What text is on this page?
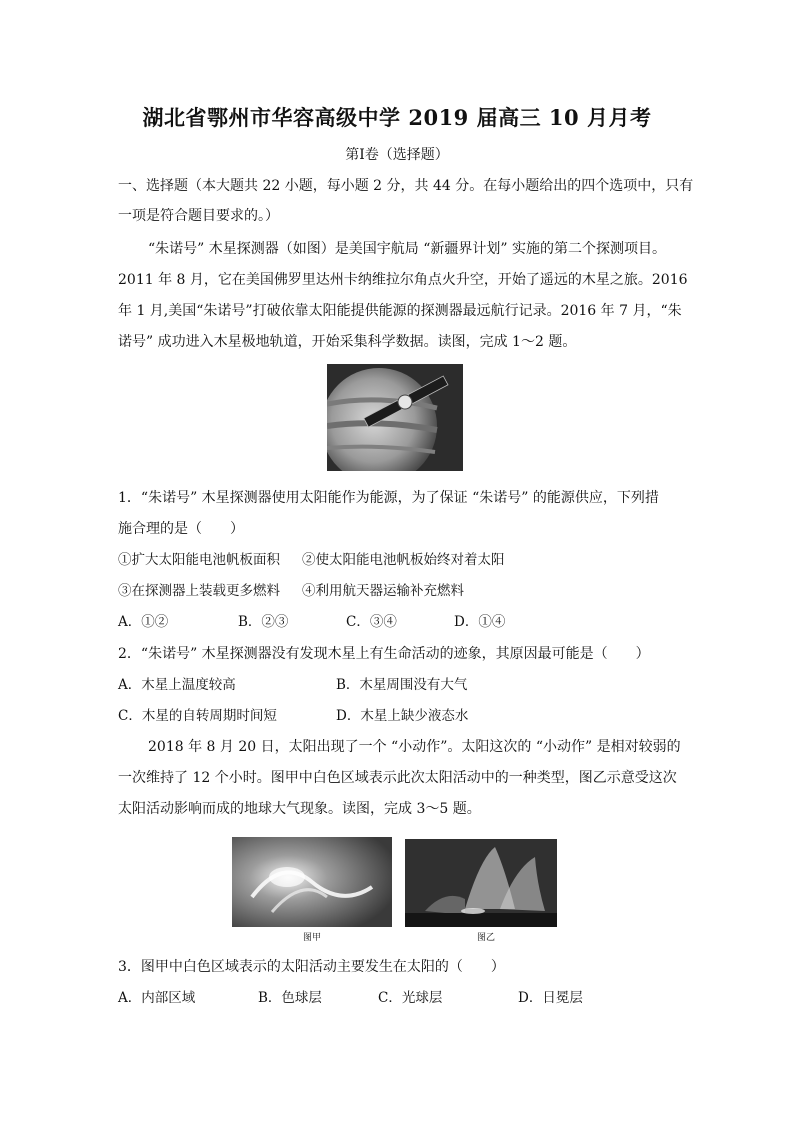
湖北省鄂州市华容高级中学 2019 届高三 10 月月考
第Ⅰ卷（选择题）
一、选择题（本大题共 22 小题，每小题 2 分，共 44 分。在每小题给出的四个选项中，只有
一项是符合题目要求的。）
“朱诺号” 木星探测器（如图）是美国宇航局 “新疆界计划” 实施的第二个探测项目。
2011 年 8 月，它在美国佛罗里达州卡纳维拉尔角点火升空，开始了遥远的木星之旅。2016
年 1 月,美国“朱诺号”打破依靠太阳能提供能源的探测器最远航行记录。2016 年 7 月，“朱
诺号” 成功进入木星极地轨道，开始采集科学数据。读图，完成 1～2 题。
1．“朱诺号” 木星探测器使用太阳能作为能源，为了保证 “朱诺号” 的能源供应，下列措
施合理的是（　　）
①扩大太阳能电池帆板面积 ②使太阳能电池帆板始终对着太阳
③在探测器上装载更多燃料 ④利用航天器运输补充燃料
A．①②	B．②③	C．③④	D．①④
2．“朱诺号” 木星探测器没有发现木星上有生命活动的迹象，其原因最可能是（　　）
A．木星上温度较高	B．木星周围没有大气
C．木星的自转周期时间短	D．木星上缺少液态水
2018 年 8 月 20 日，太阳出现了一个 “小动作”。太阳这次的 “小动作” 是相对较弱的
一次维持了 12 个小时。图甲中白色区域表示此次太阳活动中的一种类型，图乙示意受这次
太阳活动影响而成的地球大气现象。读图，完成 3～5 题。
图甲	图乙
3．图甲中白色区域表示的太阳活动主要发生在太阳的（　　）
A．内部区域	B．色球层	C．光球层	D．日冕层
